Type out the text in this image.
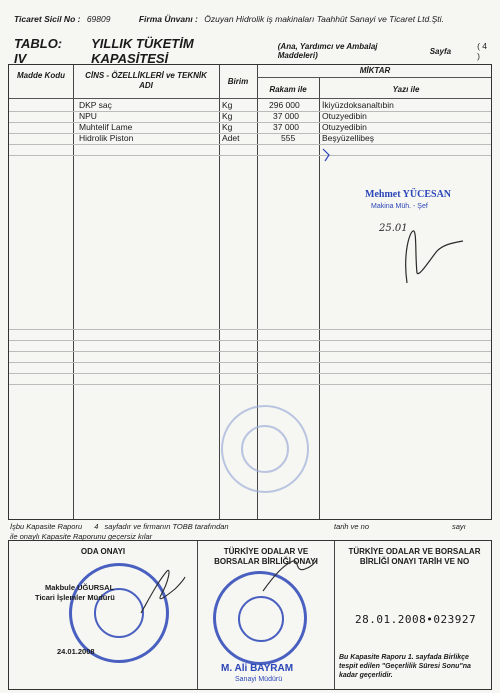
Ticaret Sicil No : 69809	Firma Ünvanı : Özuyan Hidrolik iş makinaları Taahhüt Sanayi ve Ticaret Ltd.Şti.
TABLO: IV
YILLIK TÜKETİM KAPASİTESİ
(Ana, Yardımcı ve Ambalaj Maddeleri)	Sayfa	( 4 )
Madde Kodu	CİNS - ÖZELLİKLERİ ve TEKNİK ADI	Birim
MİKTAR
Rakam ile	Yazı ile
DKP saç	Kg	296 000	İkiyüzdoksanaltıbin
NPU	Kg	37 000	Otuzyedibin
Muhtelif Lame	Kg	37 000	Otuzyedibin
Hidrolik Piston	Adet	555	Beşyüzellibeş
Mehmet YÜCESAN
Makina Müh. - Şef
25.01
İşbu Kapasite Raporu 4 sayfadır ve firmanın TOBB tarafından	tarih ve no	sayı
ile onaylı Kapasite Raporunu geçersiz kılar
ODA ONAYI
Makbule UĞURSAL
Ticari İşlemler Müdürü
24.01.2008
TÜRKİYE ODALAR VE BORSALAR BİRLİĞİ ONAYI
M. Ali BAYRAM
Sanayi Müdürü
TÜRKİYE ODALAR VE BORSALAR BİRLİĞİ ONAYI TARİH VE NO
28.01.2008•023927
Bu Kapasite Raporu 1. sayfada Birlikçe tespit edilen "Geçerlilik Süresi Sonu"na kadar geçerlidir.
